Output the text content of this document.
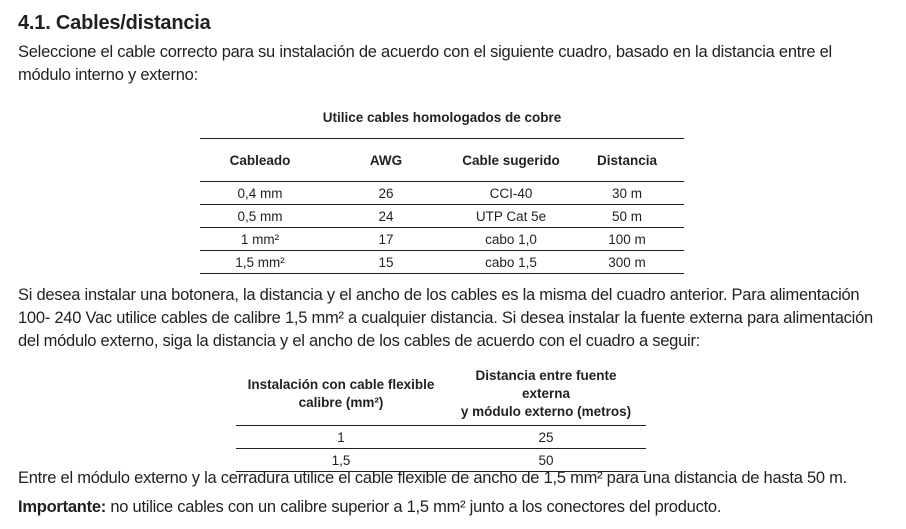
4.1. Cables/distancia

Seleccione el cable correcto para su instalación de acuerdo con el siguiente cuadro, basado en la distancia entre el módulo interno y externo:

Utilice cables homologados de cobre
Cableado	AWG	Cable sugerido	Distancia
0,4 mm	26	CCI-40	30 m
0,5 mm	24	UTP Cat 5e	50 m
1 mm²	17	cabo 1,0	100 m
1,5 mm²	15	cabo 1,5	300 m

Si desea instalar una botonera, la distancia y el ancho de los cables es la misma del cuadro anterior. Para alimentación 100- 240 Vac utilice cables de calibre 1,5 mm² a cualquier distancia. Si desea instalar la fuente externa para alimentación del módulo externo, siga la distancia y el ancho de los cables de acuerdo con el cuadro a seguir:

Instalación con cable flexible
calibre (mm²)	Distancia entre fuente externa
y módulo externo (metros)
1	25
1,5	50

Entre el módulo externo y la cerradura utilice el cable flexible de ancho de 1,5 mm² para una distancia de hasta 50 m.

Importante: no utilice cables con un calibre superior a 1,5 mm² junto a los conectores del producto.
